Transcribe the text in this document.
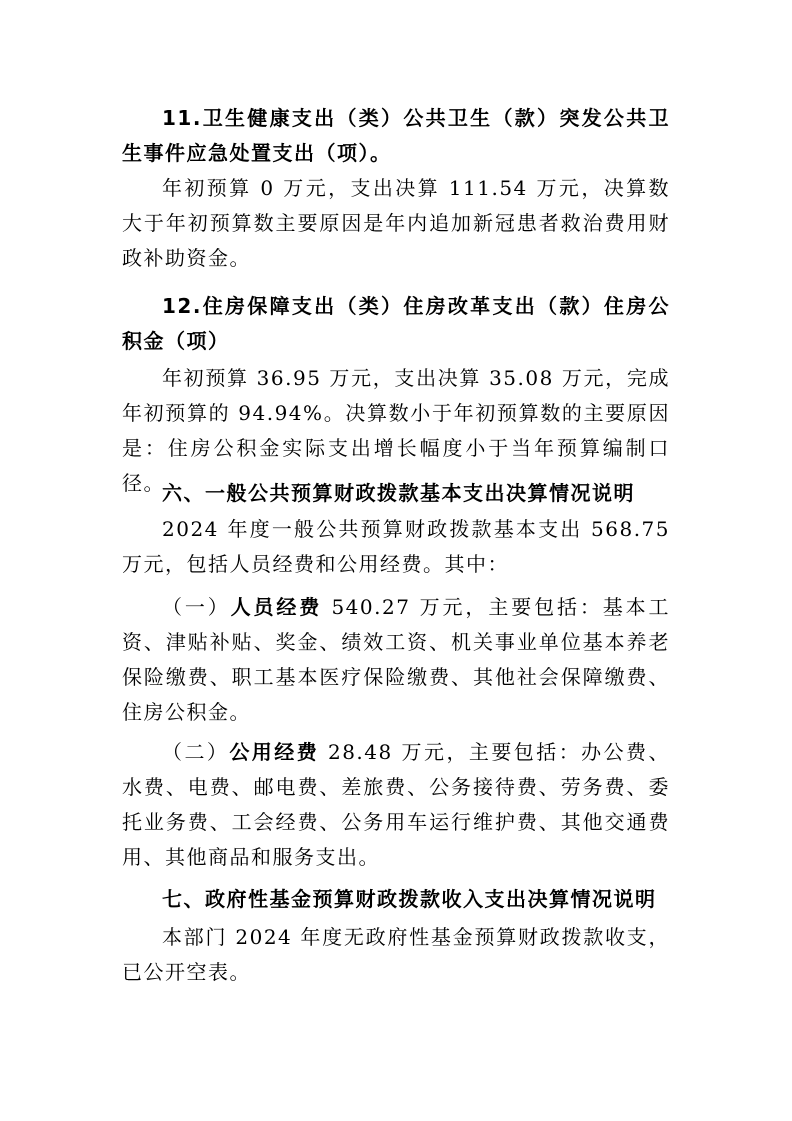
11.卫生健康支出（类）公共卫生（款）突发公共卫生事件应急处置支出（项）。

年初预算 0 万元，支出决算 111.54 万元，决算数大于年初预算数主要原因是年内追加新冠患者救治费用财政补助资金。

12.住房保障支出（类）住房改革支出（款）住房公积金（项）

年初预算 36.95 万元，支出决算 35.08 万元，完成年初预算的 94.94%。决算数小于年初预算数的主要原因是：住房公积金实际支出增长幅度小于当年预算编制口径。

六、一般公共预算财政拨款基本支出决算情况说明

2024 年度一般公共预算财政拨款基本支出 568.75 万元，包括人员经费和公用经费。其中：

（一）人员经费 540.27 万元，主要包括：基本工资、津贴补贴、奖金、绩效工资、机关事业单位基本养老保险缴费、职工基本医疗保险缴费、其他社会保障缴费、住房公积金。

（二）公用经费 28.48 万元，主要包括：办公费、水费、电费、邮电费、差旅费、公务接待费、劳务费、委托业务费、工会经费、公务用车运行维护费、其他交通费用、其他商品和服务支出。

七、政府性基金预算财政拨款收入支出决算情况说明

本部门 2024 年度无政府性基金预算财政拨款收支，已公开空表。
